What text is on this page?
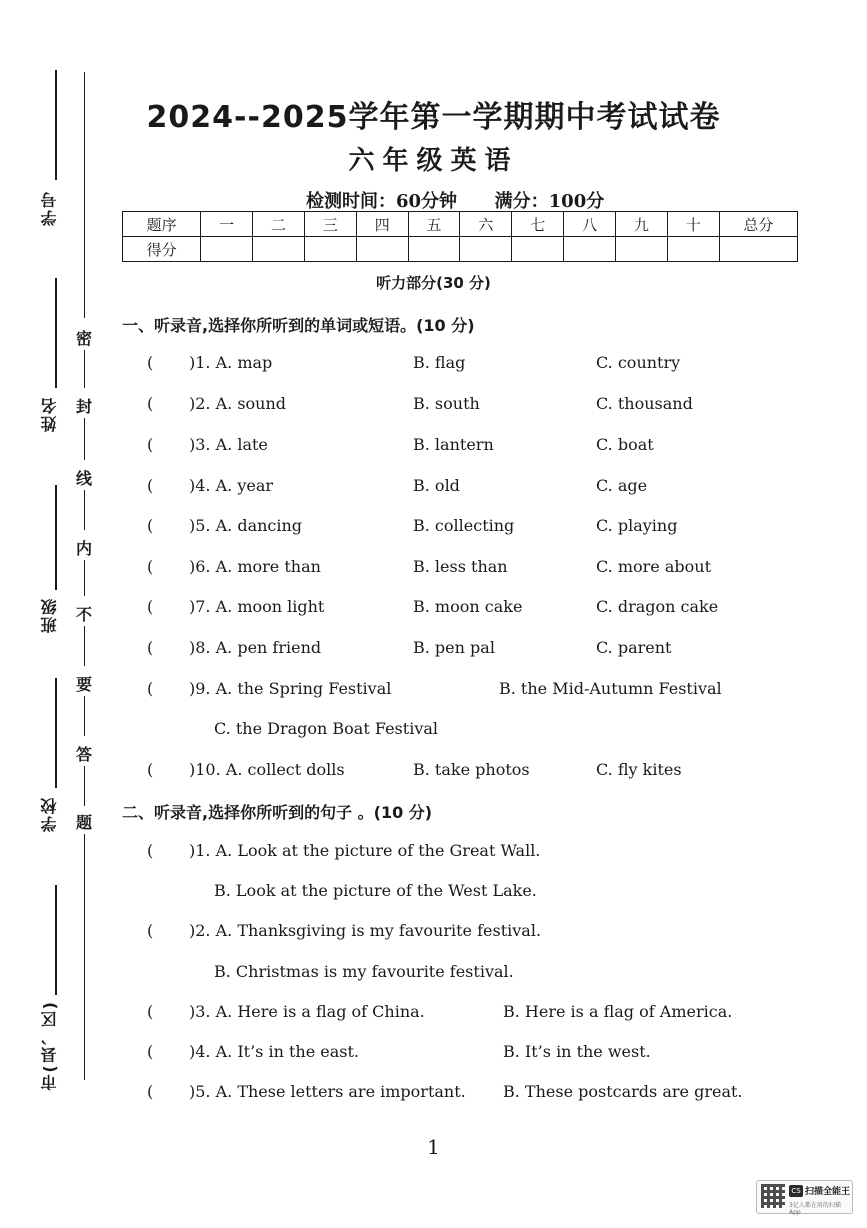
学号
姓名
班级
学校
市(县、区)
密
封
线
内
不
要
答
题
2024--2025学年第一学期期中考试试卷
六年级英语
检测时间：60分钟      满分：100分
题序	一	二	三	四	五	六	七	八	九	十	总分
得分											
听力部分(30 分)
一、听录音,选择你所听到的单词或短语。(10 分)
( )1. A. map	B. flag	C. country
( )2. A. sound	B. south	C. thousand
( )3. A. late	B. lantern	C. boat
( )4. A. year	B. old	C. age
( )5. A. dancing	B. collecting	C. playing
( )6. A. more than	B. less than	C. more about
( )7. A. moon light	B. moon cake	C. dragon cake
( )8. A. pen friend	B. pen pal	C. parent
( )9. A. the Spring Festival	B. the Mid-Autumn Festival
C. the Dragon Boat Festival
( )10. A. collect dolls	B. take photos	C. fly kites
二、听录音,选择你所听到的句子 。(10 分)
( )1. A. Look at the picture of the Great Wall.
B. Look at the picture of the West Lake.
( )2. A. Thanksgiving is my favourite festival.
B. Christmas is my favourite festival.
( )3. A. Here is a flag of China.	B. Here is a flag of America.
( )4. A. It’s in the east.	B. It’s in the west.
( )5. A. These letters are important. B. These postcards are great.
1
CS 扫描全能王
3亿人都在用的扫描App
